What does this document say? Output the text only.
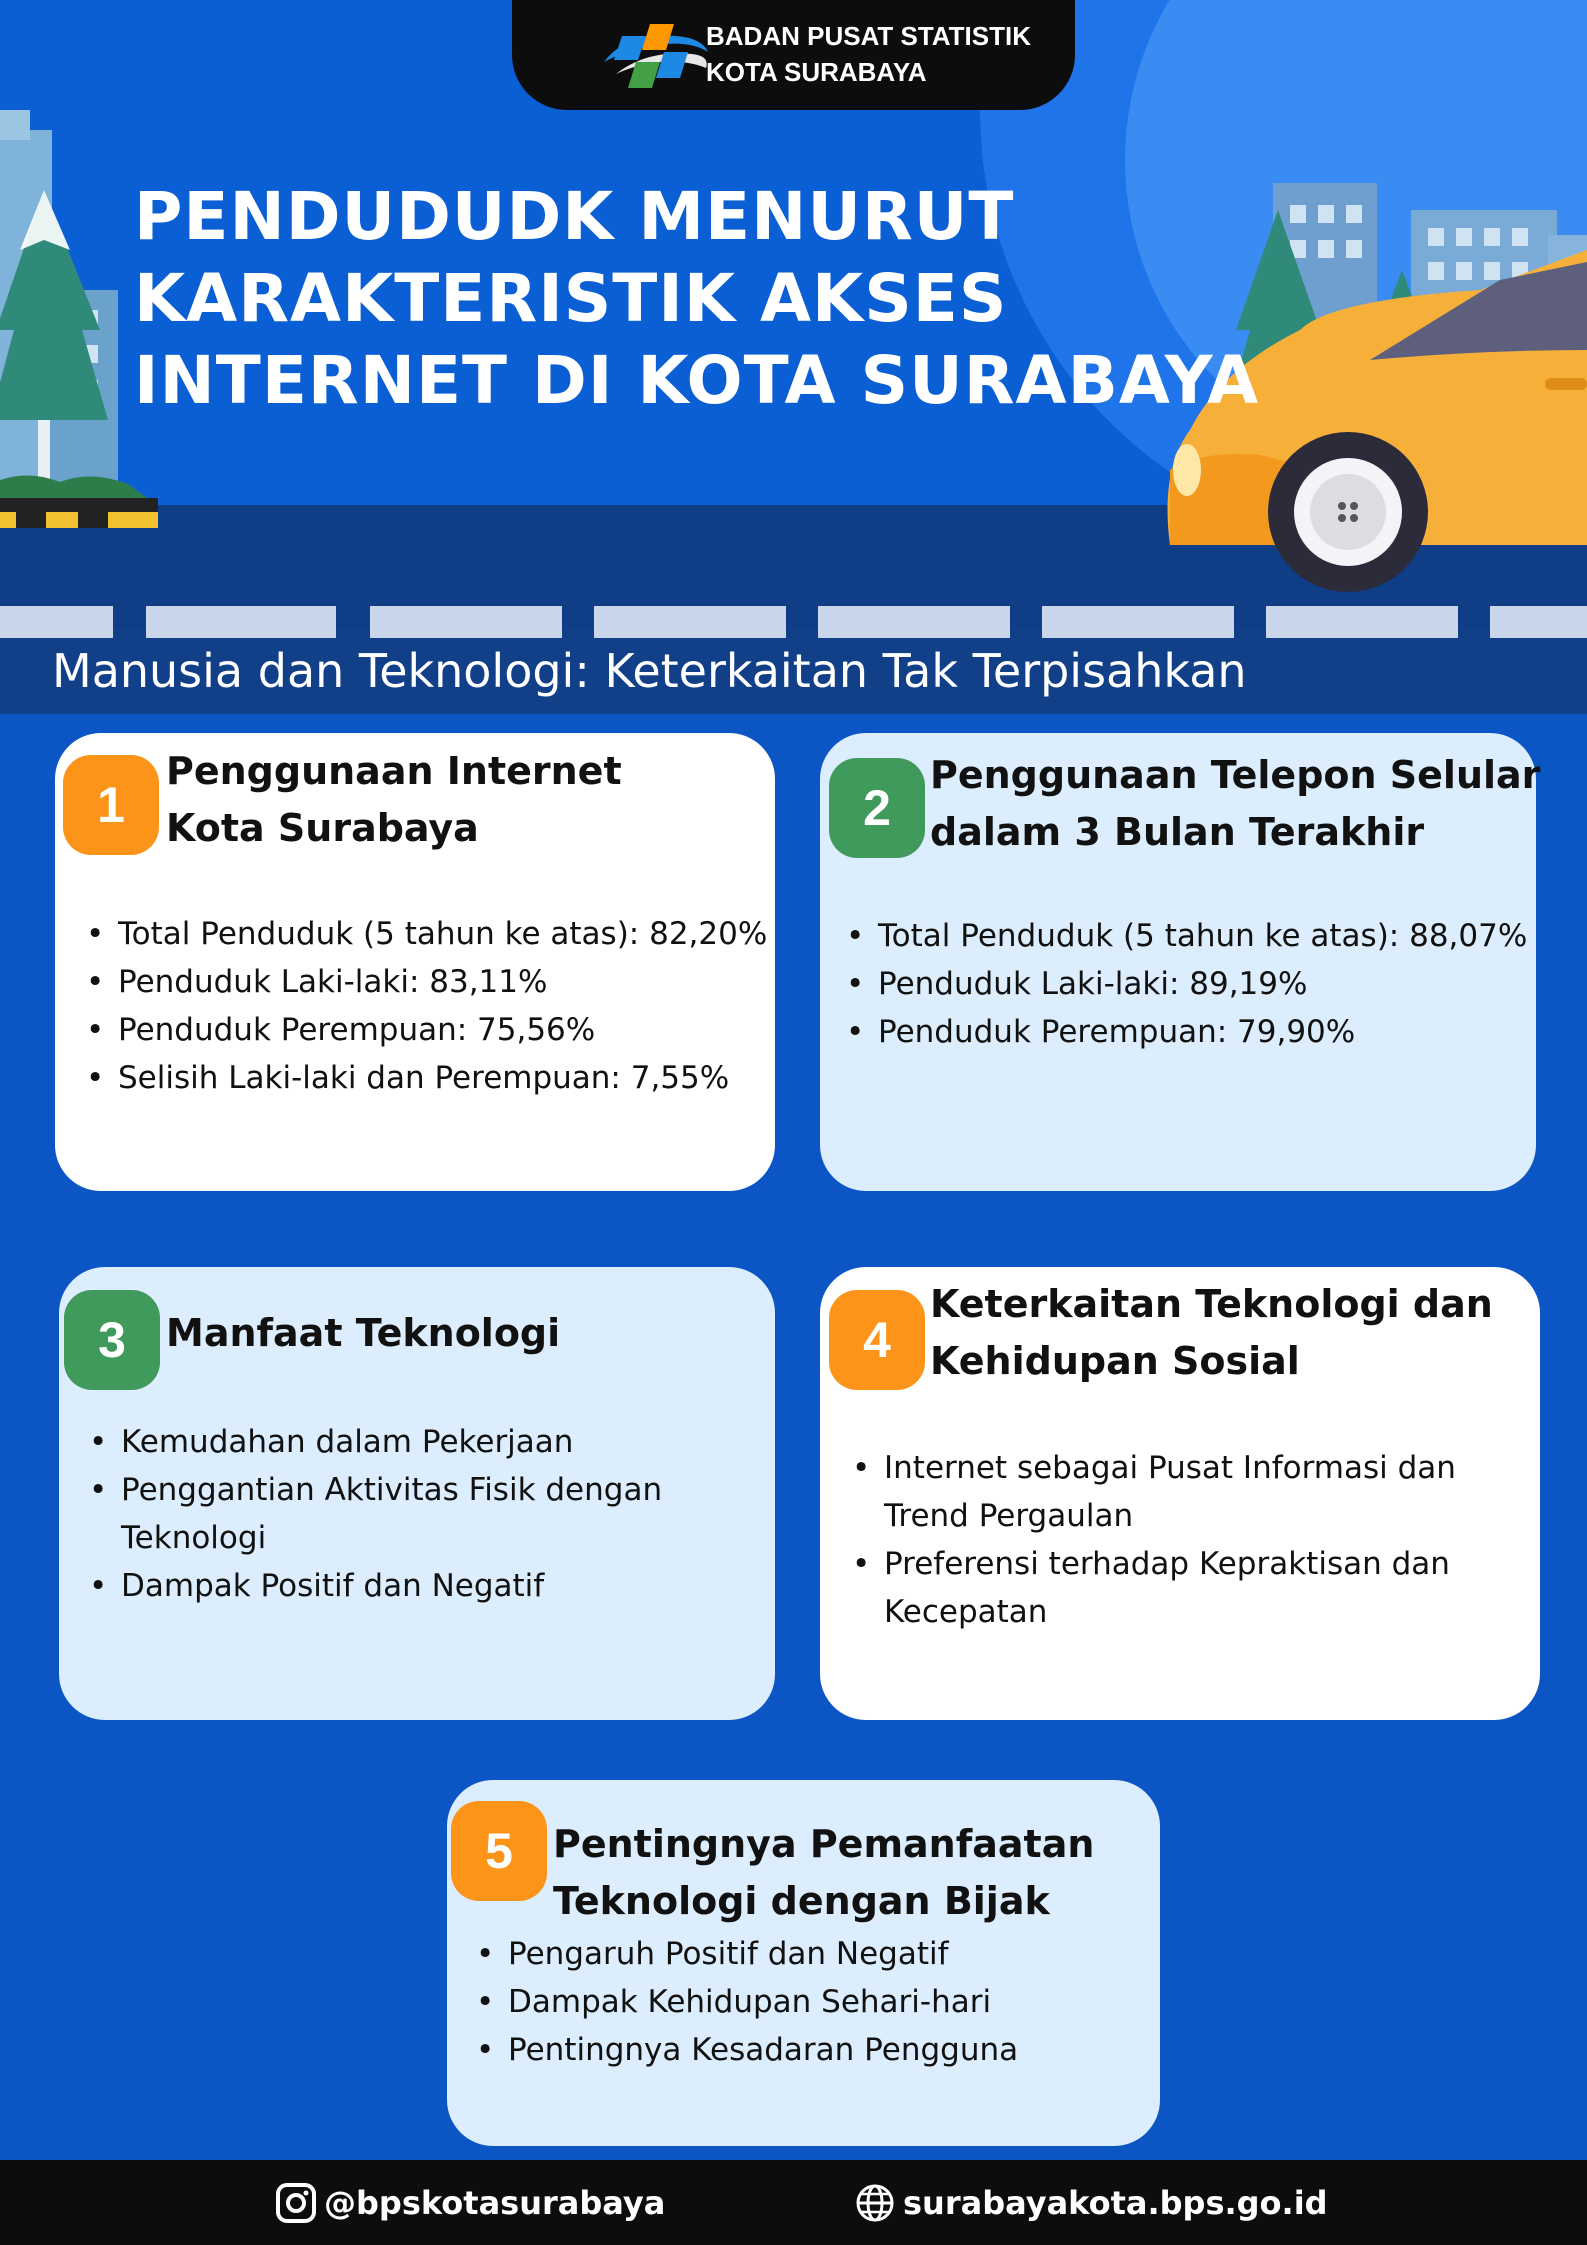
BADAN PUSAT STATISTIK
KOTA SURABAYA
PENDUDUDK MENURUT
KARAKTERISTIK AKSES
INTERNET DI KOTA SURABAYA
Manusia dan Teknologi: Keterkaitan Tak Terpisahkan
1
Penggunaan Internet
Kota Surabaya
• Total Penduduk (5 tahun ke atas): 82,20%
• Penduduk Laki-laki: 83,11%
• Penduduk Perempuan: 75,56%
• Selisih Laki-laki dan Perempuan: 7,55%
2
Penggunaan Telepon Selular
dalam 3 Bulan Terakhir
• Total Penduduk (5 tahun ke atas): 88,07%
• Penduduk Laki-laki: 89,19%
• Penduduk Perempuan: 79,90%
3	Manfaat Teknologi
• Kemudahan dalam Pekerjaan
• Penggantian Aktivitas Fisik dengan
Teknologi
• Dampak Positif dan Negatif
4
Keterkaitan Teknologi dan
Kehidupan Sosial
• Internet sebagai Pusat Informasi dan
Trend Pergaulan
• Preferensi terhadap Kepraktisan dan
Kecepatan
5	Pentingnya Pemanfaatan
Teknologi dengan Bijak
• Pengaruh Positif dan Negatif
• Dampak Kehidupan Sehari-hari
• Pentingnya Kesadaran Pengguna
@bpskotasurabaya	surabayakota.bps.go.id
